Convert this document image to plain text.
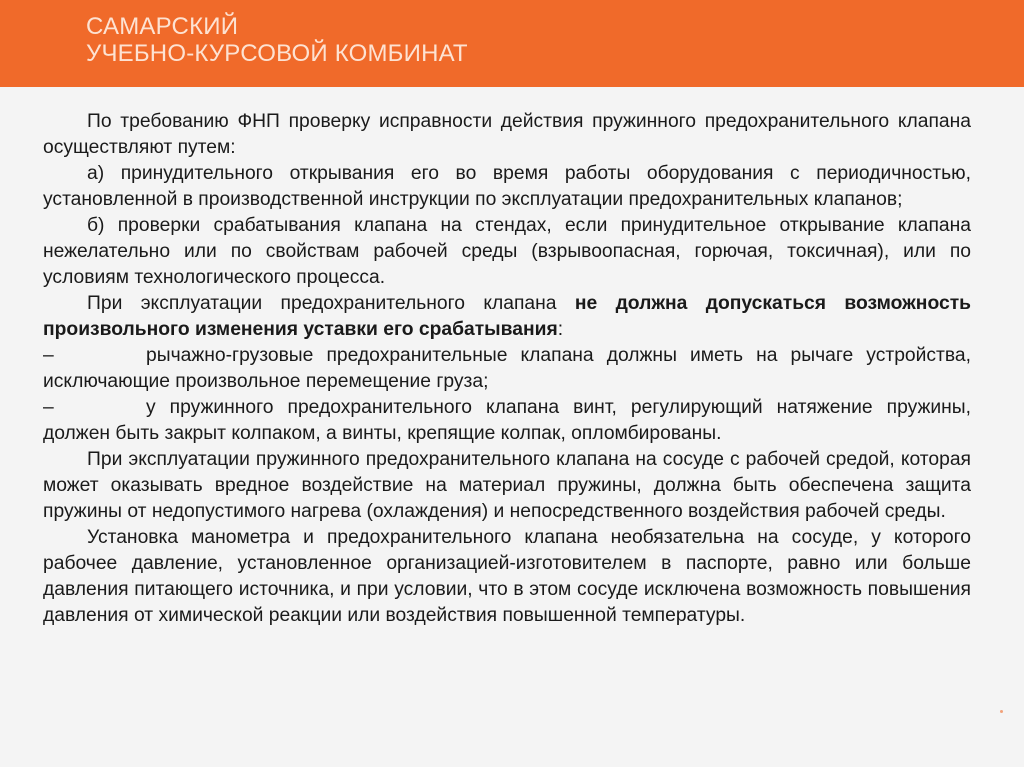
САМАРСКИЙ
УЧЕБНО-КУРСОВОЙ КОМБИНАТ

По требованию ФНП проверку исправности действия пружинного предохранительного клапана осуществляют путем:

а) принудительного открывания его во время работы оборудования с периодичностью, установленной в производственной инструкции по эксплуатации предохранительных клапанов;

б) проверки срабатывания клапана на стендах, если принудительное открывание клапана нежелательно или по свойствам рабочей среды (взрывоопасная, горючая, токсичная), или по условиям технологического процесса.

При эксплуатации предохранительного клапана не должна допускаться возможность произвольного изменения уставки его срабатывания:

–	рычажно-грузовые предохранительные клапана должны иметь на рычаге устройства, исключающие произвольное перемещение груза;

–	у пружинного предохранительного клапана винт, регулирующий натяжение пружины, должен быть закрыт колпаком, а винты, крепящие колпак, опломбированы.

При эксплуатации пружинного предохранительного клапана на сосуде с рабочей средой, которая может оказывать вредное воздействие на материал пружины, должна быть обеспечена защита пружины от недопустимого нагрева (охлаждения) и непосредственного воздействия рабочей среды.

Установка манометра и предохранительного клапана необязательна на сосуде, у которого рабочее давление, установленное организацией-изготовителем в паспорте, равно или больше давления питающего источника, и при условии, что в этом сосуде исключена возможность повышения давления от химической реакции или воздействия повышенной температуры.
